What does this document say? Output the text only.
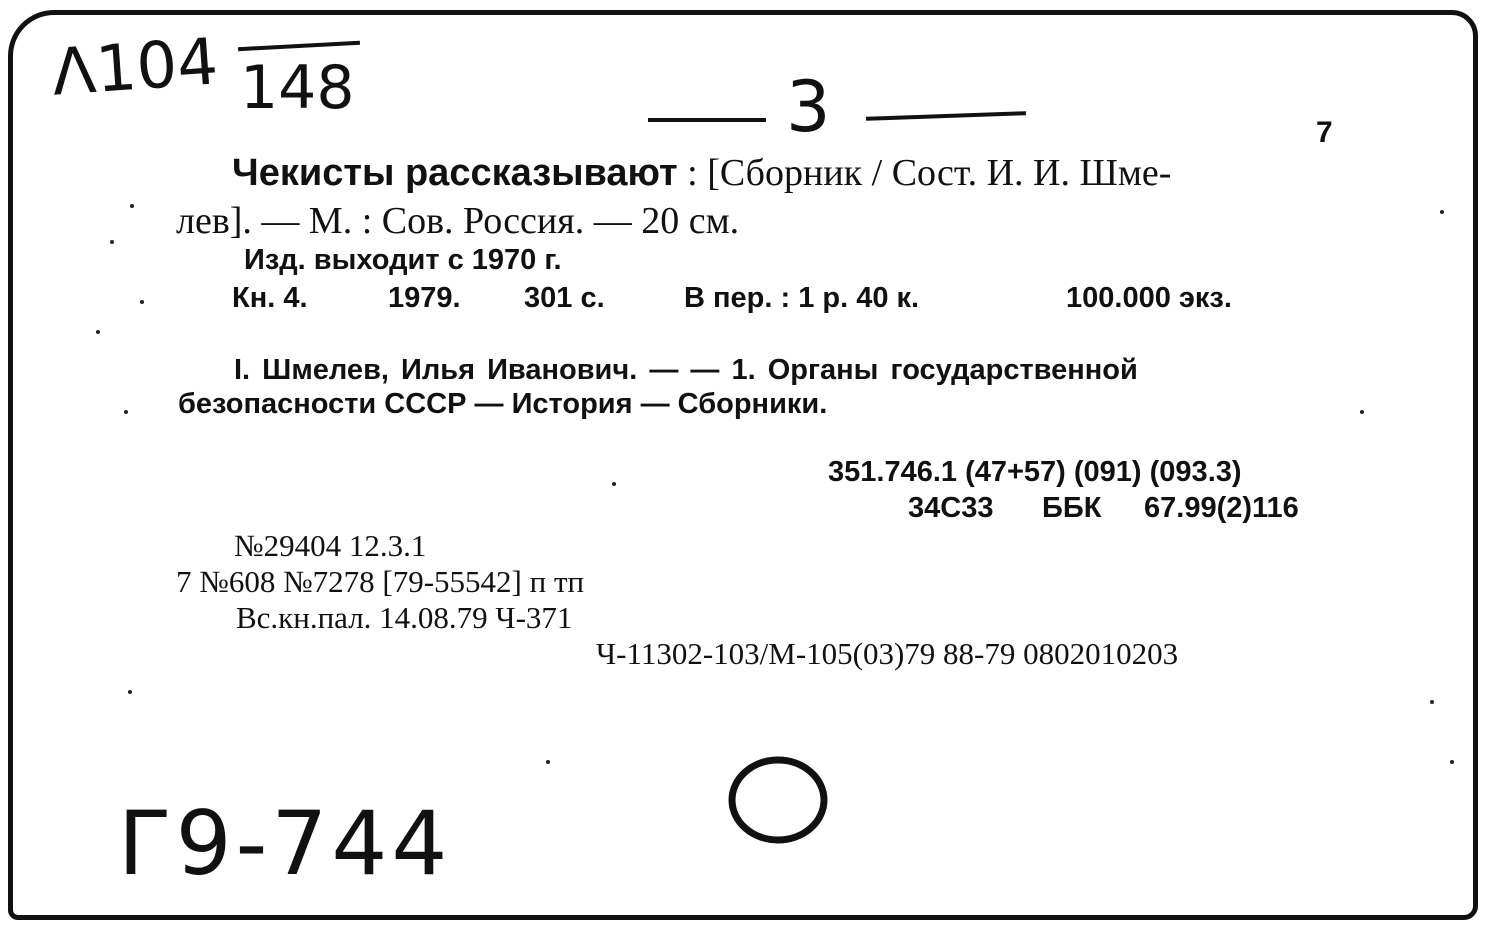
Λ104 148	3	7
Чекисты рассказывают : [Сборник / Сост. И. И. Шме-
лев]. — М. : Сов. Россия. — 20 см.
Изд. выходит с 1970 г.
Кн. 4.	1979. 301 с.	В пер. : 1 р. 40 к.	100.000 экз.
I. Шмелев, Илья Иванович. — — 1. Органы государственной
безопасности СССР — История — Сборники.
351.746.1 (47+57) (091) (093.3)
34С33 ББК 67.99(2)116
№29404 12.3.1
7 №608 №7278 [79-55542] п тп
Вс.кн.пал. 14.08.79 Ч-371
Ч-11302-103/М-105(03)79 88-79 0802010203
Г9-744
